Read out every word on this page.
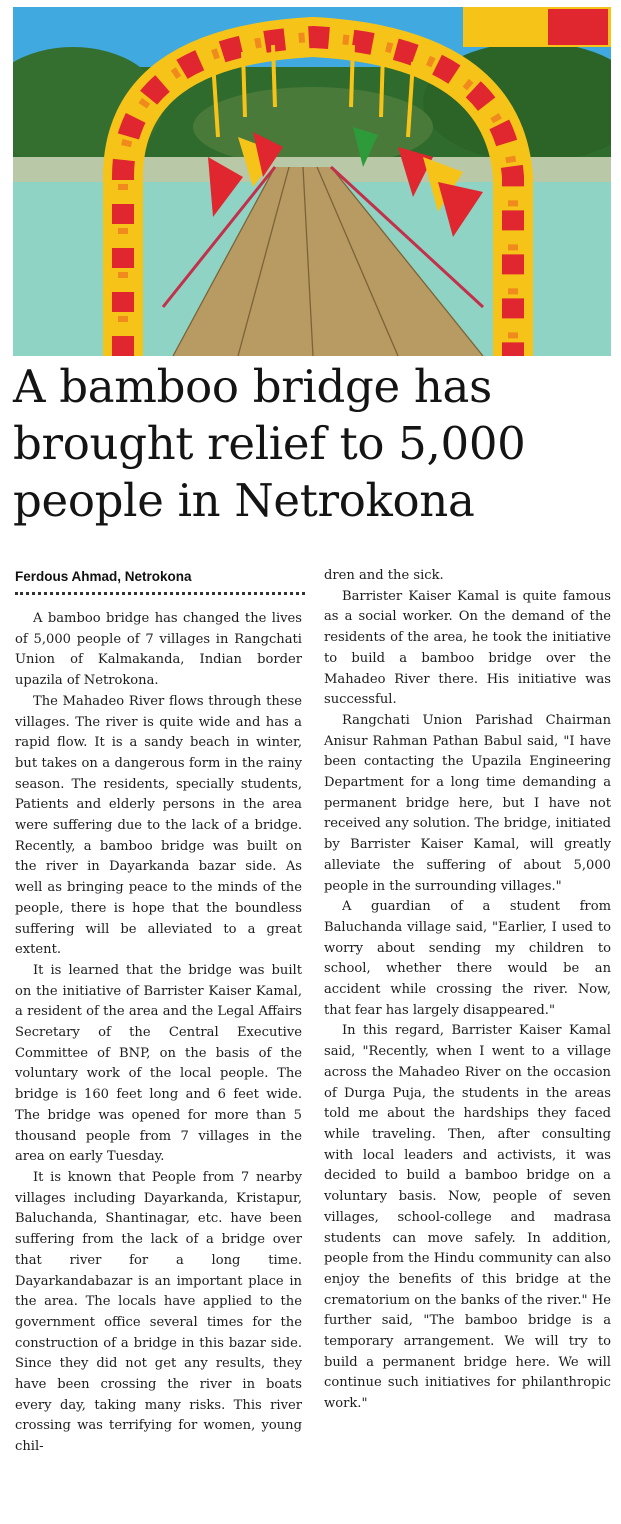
A bamboo bridge has brought relief to 5,000 people in Netrokona
Ferdous Ahmad, Netrokona

A bamboo bridge has changed the lives of 5,000 people of 7 villages in Rangchati Union of Kalmakanda, Indian border upazila of Netrokona.

The Mahadeo River flows through these villages. The river is quite wide and has a rapid flow. It is a sandy beach in winter, but takes on a dangerous form in the rainy season. The residents, specially students, Patients and elderly persons in the area were suffering due to the lack of a bridge. Recently, a bamboo bridge was built on the river in Dayarkanda bazar side. As well as bringing peace to the minds of the people, there is hope that the boundless suffering will be alleviated to a great extent.

It is learned that the bridge was built on the initiative of Barrister Kaiser Kamal, a resident of the area and the Legal Affairs Secretary of the Central Executive Committee of BNP, on the basis of the voluntary work of the local people. The bridge is 160 feet long and 6 feet wide. The bridge was opened for more than 5 thousand people from 7 villages in the area on early Tuesday.

It is known that People from 7 nearby villages including Dayarkanda, Kristapur, Baluchanda, Shantinagar, etc. have been suffering from the lack of a bridge over that river for a long time. Dayarkandabazar is an important place in the area. The locals have applied to the government office several times for the construction of a bridge in this bazar side. Since they did not get any results, they have been crossing the river in boats every day, taking many risks. This river crossing was terrifying for women, young chil-

dren and the sick.

Barrister Kaiser Kamal is quite famous as a social worker. On the demand of the residents of the area, he took the initiative to build a bamboo bridge over the Mahadeo River there. His initiative was successful.

Rangchati Union Parishad Chairman Anisur Rahman Pathan Babul said, "I have been contacting the Upazila Engineering Department for a long time demanding a permanent bridge here, but I have not received any solution. The bridge, initiated by Barrister Kaiser Kamal, will greatly alleviate the suffering of about 5,000 people in the surrounding villages."

A guardian of a student from Baluchanda village said, "Earlier, I used to worry about sending my children to school, whether there would be an accident while crossing the river. Now, that fear has largely disappeared."

In this regard, Barrister Kaiser Kamal said, "Recently, when I went to a village across the Mahadeo River on the occasion of Durga Puja, the students in the areas told me about the hardships they faced while traveling. Then, after consulting with local leaders and activists, it was decided to build a bamboo bridge on a voluntary basis. Now, people of seven villages, school-college and madrasa students can move safely. In addition, people from the Hindu community can also enjoy the benefits of this bridge at the crematorium on the banks of the river." He further said, "The bamboo bridge is a temporary arrangement. We will try to build a permanent bridge here. We will continue such initiatives for philanthropic work."
